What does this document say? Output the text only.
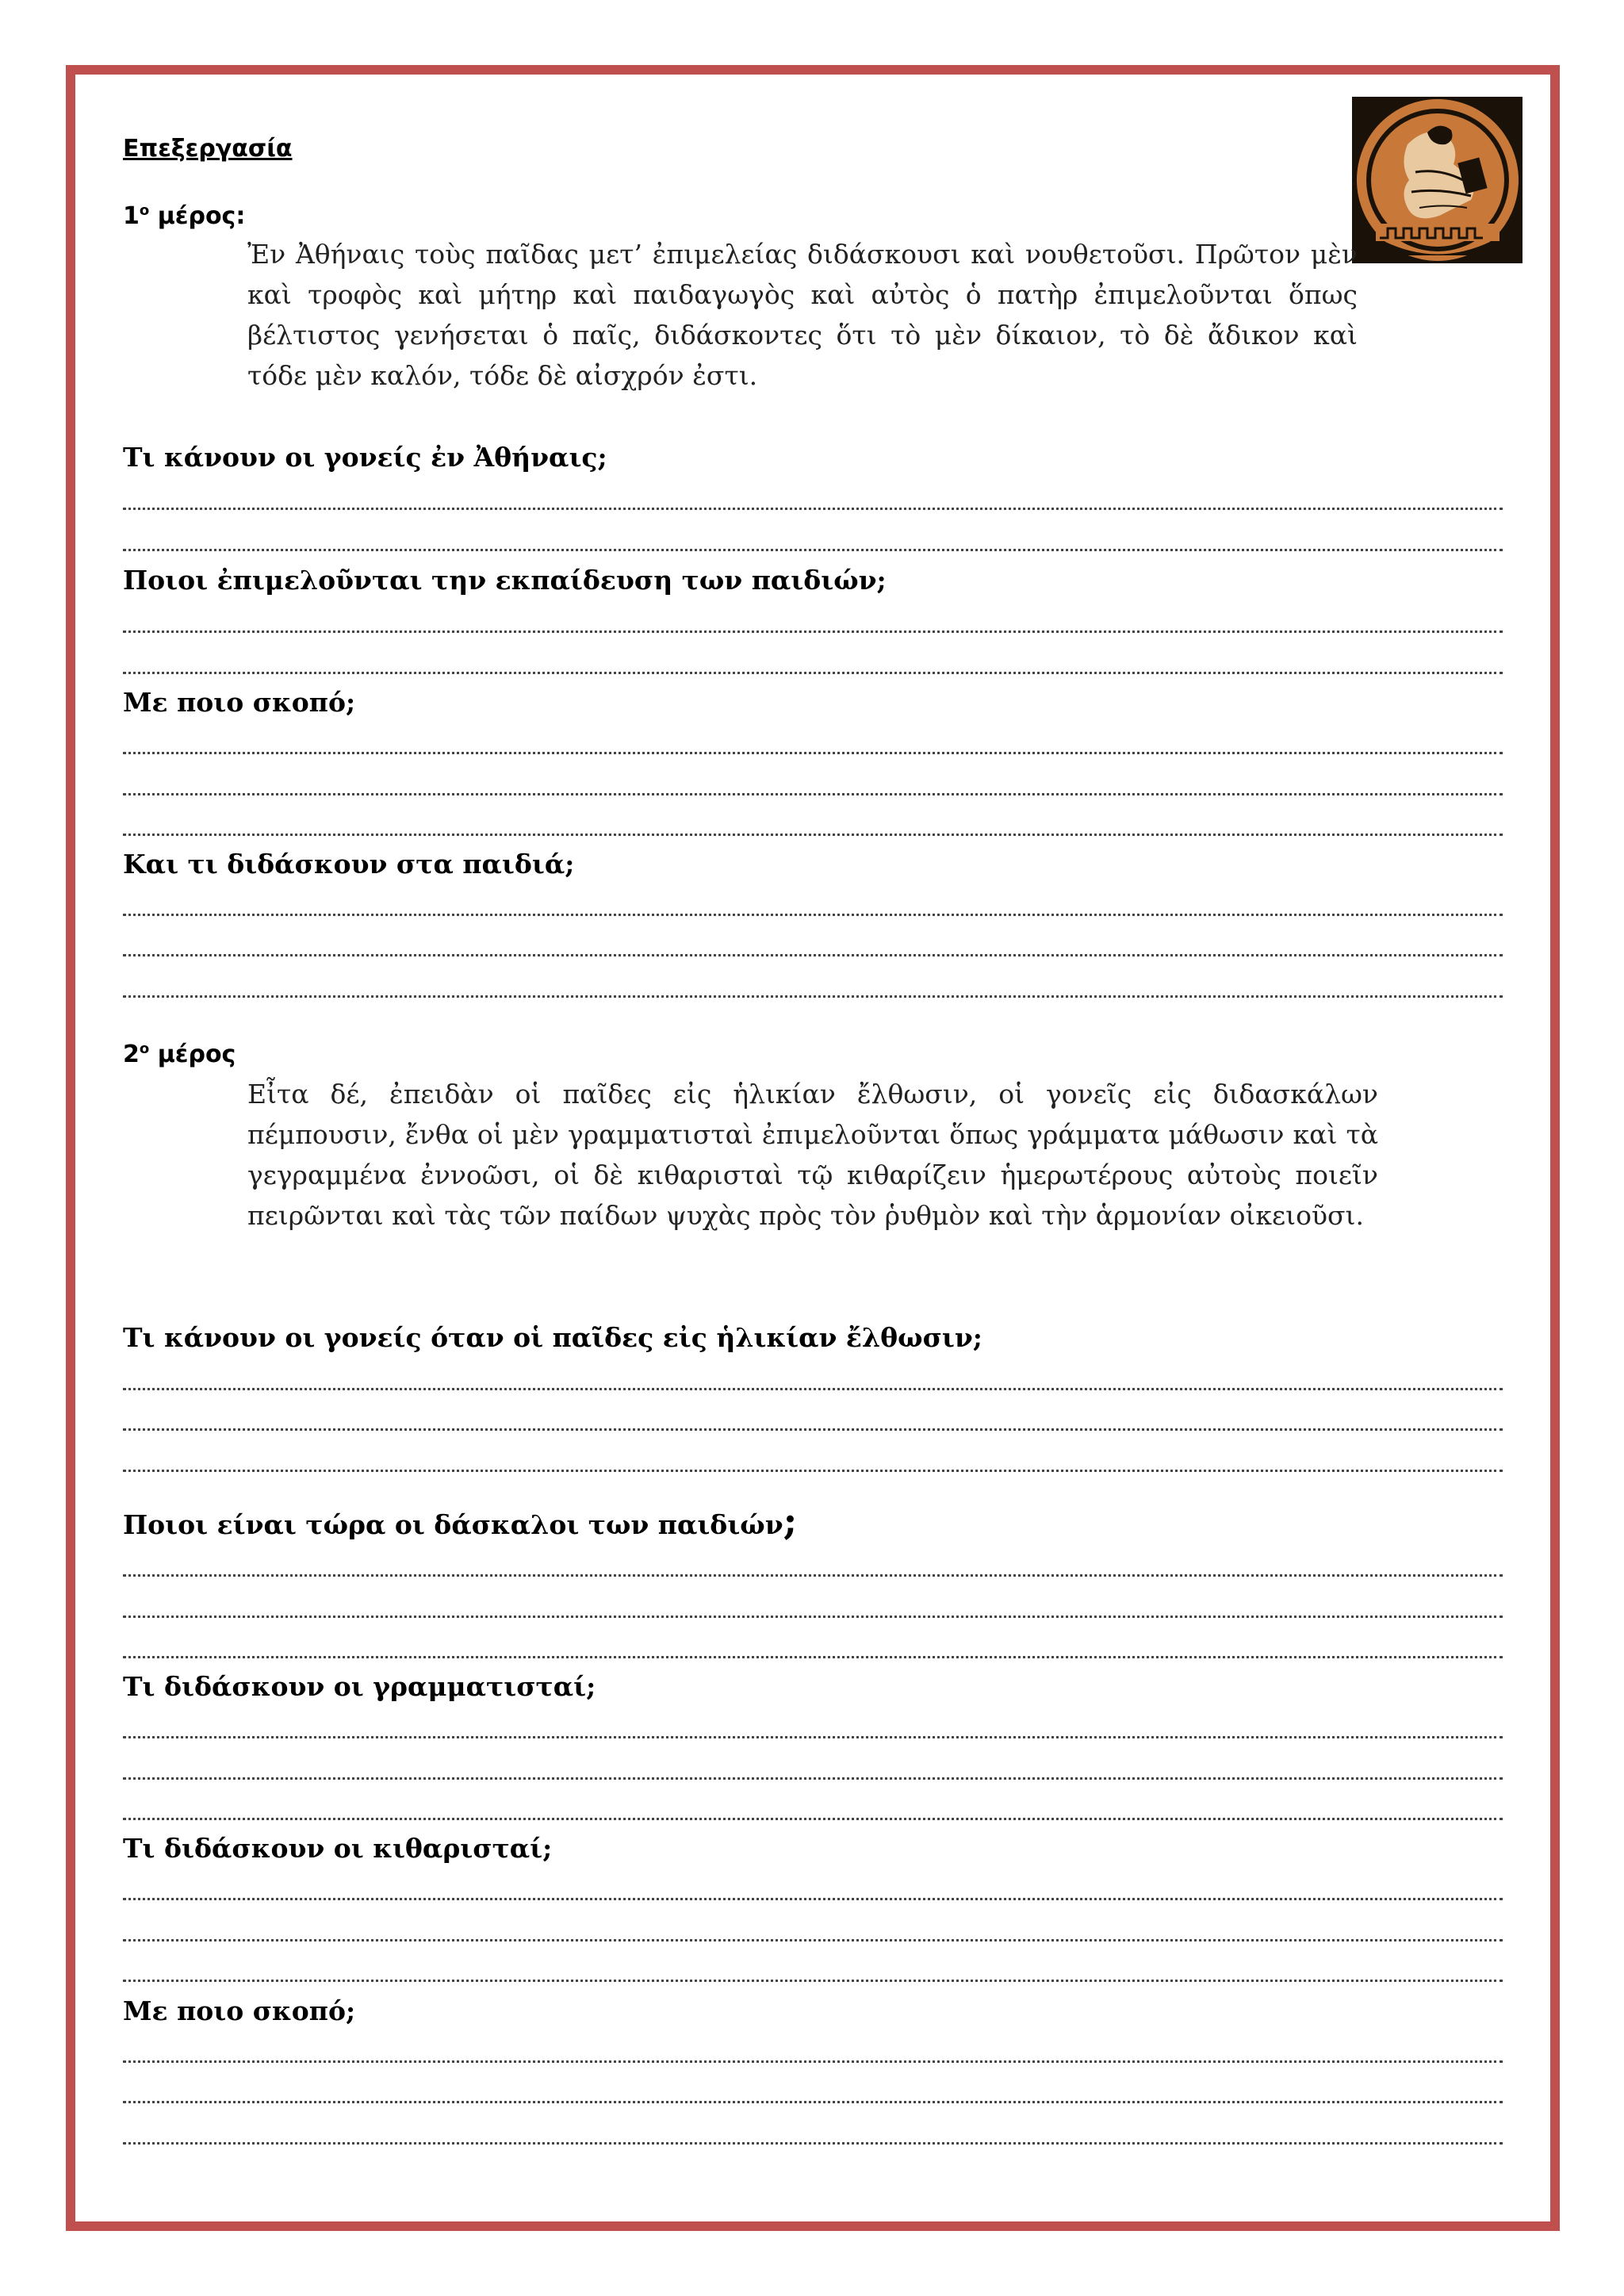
Επεξεργασία
$1^o$ μέρος:
Ἐν Ἀθήναις τοὺς παῖδας μετ’ ἐπιμελείας διδάσκουσι καὶ νουθετοῦσι. Πρῶτον μὲν καὶ τροφὸς καὶ μήτηρ καὶ παιδαγωγὸς καὶ αὐτὸς ὁ πατὴρ ἐπιμελοῦνται ὅπως βέλτιστος γενήσεται ὁ παῖς, διδάσκοντες ὅτι τὸ μὲν δίκαιον, τὸ δὲ ἄδικον καὶ τόδε μὲν καλόν, τόδε δὲ αἰσχρόν ἐστι.
Τι κάνουν οι γονείς ἐν Ἀθήναις;
Ποιοι ἐπιμελοῦνται την εκπαίδευση των παιδιών;
Με ποιο σκοπό;
Και τι διδάσκουν στα παιδιά;
$2^o$ μέρος
Εἶτα δέ, ἐπειδὰν οἱ παῖδες εἰς ἡλικίαν ἔλθωσιν, οἱ γονεῖς εἰς διδασκάλων πέμπουσιν, ἔνθα οἱ μὲν γραμματισταὶ ἐπιμελοῦνται ὅπως γράμματα μάθωσιν καὶ τὰ γεγραμμένα ἐννοῶσι, οἱ δὲ κιθαρισταὶ τῷ κιθαρίζειν ἡμερωτέρους αὐτοὺς ποιεῖν πειρῶνται καὶ τὰς τῶν παίδων ψυχὰς πρὸς τὸν ῥυθμὸν καὶ τὴν ἁρμονίαν οἰκειοῦσι.
Τι κάνουν οι γονείς όταν οἱ παῖδες εἰς ἡλικίαν ἔλθωσιν;
Ποιοι είναι τώρα οι δάσκαλοι των παιδιών;
Τι διδάσκουν οι γραμματισταί;
Τι διδάσκουν οι κιθαρισταί;
Με ποιο σκοπό;
